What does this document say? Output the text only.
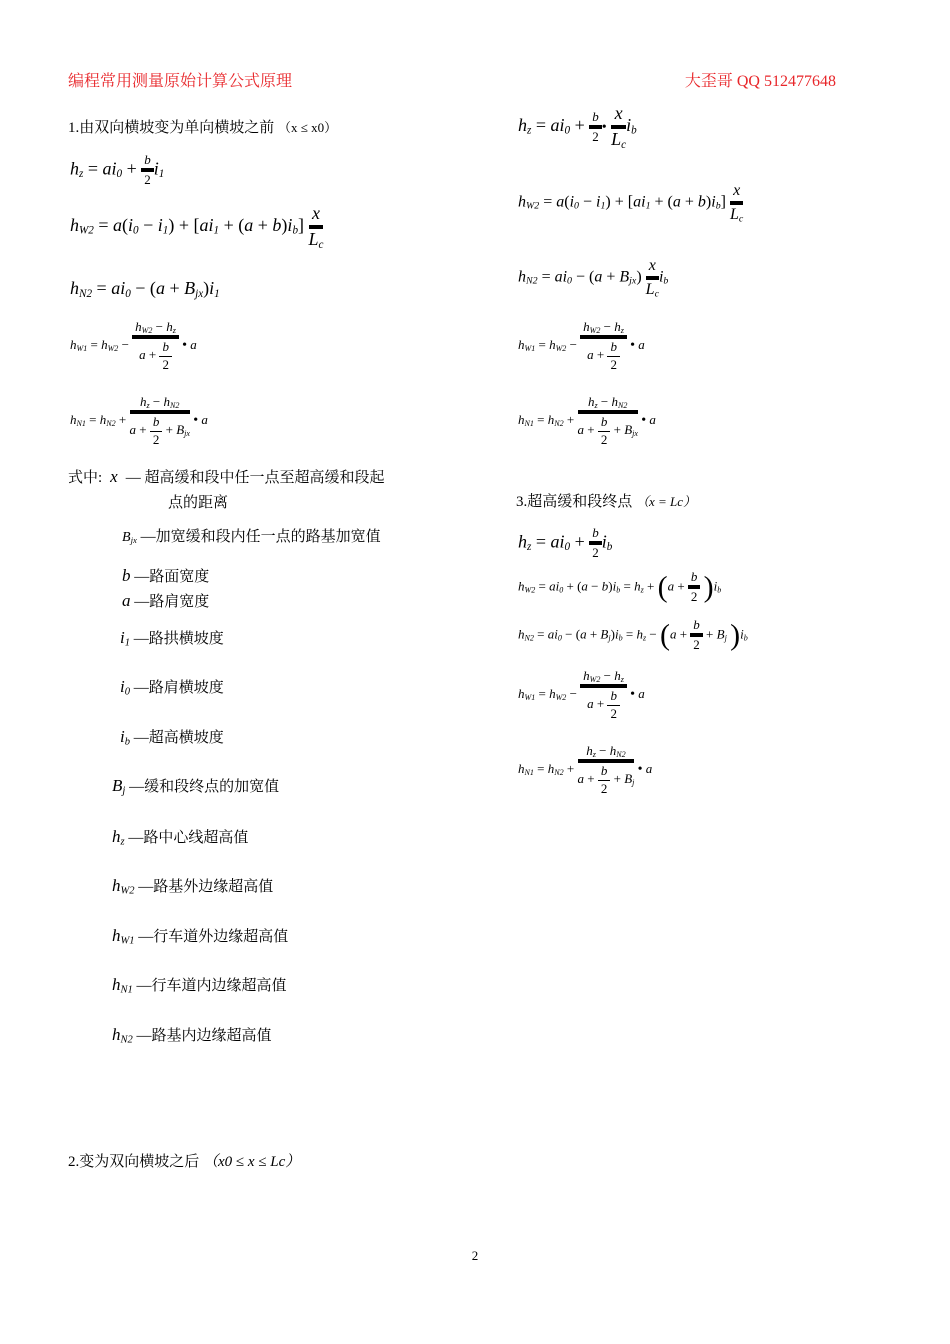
编程常用测量原始计算公式原理	大歪哥 QQ 512477648
1.由双向横坡变为单向横坡之前 （x ≤ x0）
$h_z = ai_0 + \frac{b}{2} i_1$
$h_{W2} = a(i_0 - i_1) + [ai_1 + (a + b)i_b] \frac{x}{L_c}$
$h_{N2} = ai_0 - (a + B_{jx})i_1$
$h_{W1} = h_{W2} - \frac{h_{W2} - h_z}{a + \frac{b}{2}}$ • a
$h_{N1} = h_{N2} + \frac{h_z - h_{N2}}{a + \frac{b}{2} + B_{jx}}$ • a
式中:  x  — 超高缓和段中任一点至超高缓和段起
点的距离
$B_{jx}$ —加宽缓和段内任一点的路基加宽值
b —路面宽度
a —路肩宽度
$i_1$ —路拱横坡度
$i_0$ —路肩横坡度
$i_b$ —超高横坡度
$B_j$ —缓和段终点的加宽值
$h_z$ —路中心线超高值
$h_{W2}$ —路基外边缘超高值
$h_{W1}$ —行车道外边缘超高值
$h_{N1}$ —行车道内边缘超高值
$h_{N2}$ —路基内边缘超高值
2.变为双向横坡之后 （x0 ≤ x ≤ Lc）
$h_z = ai_0 + \frac{b}{2}$ • $\frac{x}{L_c} i_b$
$h_{W2} = a(i_0 - i_1) + [ai_1 + (a + b)i_b] \frac{x}{L_c}$
$h_{N2} = ai_0 - (a + B_{jx}) \frac{x}{L_c} i_b$
$h_{W1} = h_{W2} - \frac{h_{W2} - h_z}{a + \frac{b}{2}}$ • a
$h_{N1} = h_{N2} + \frac{h_z - h_{N2}}{a + \frac{b}{2} + B_{jx}}$ • a
3.超高缓和段终点 （x = Lc）
$h_z = ai_0 + \frac{b}{2} i_b$
$h_{W2} = ai_0 + (a - b)i_b = h_z + (a + \frac{b}{2} )i_b$
$h_{N2} = ai_0 - (a + B_j)i_b = h_z - (a + \frac{b}{2} + B_j$ )$i_b$
$h_{W1} = h_{W2} - \frac{h_{W2} - h_z}{a + \frac{b}{2}}$ • a
$h_{N1} = h_{N2} + \frac{h_z - h_{N2}}{a + \frac{b}{2} + B_j}$ • a
2
